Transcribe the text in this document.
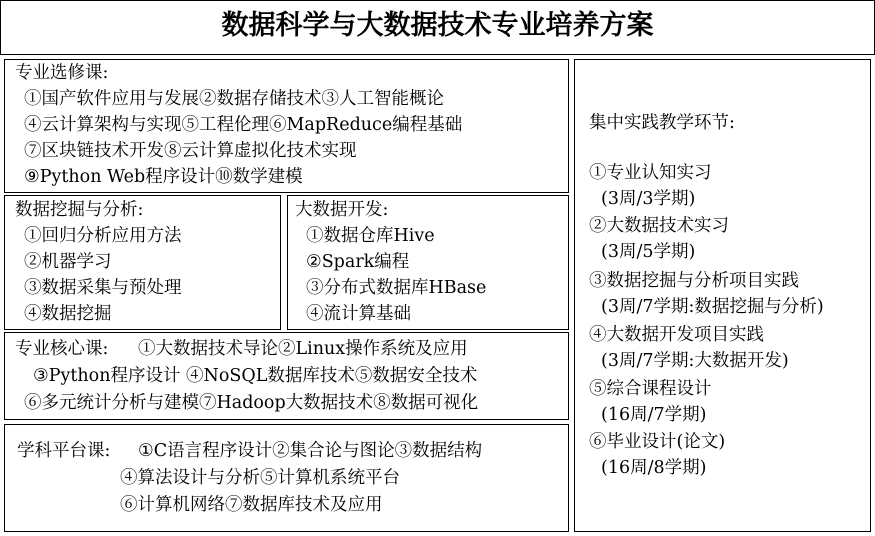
数据科学与大数据技术专业培养方案
专业选修课:
①国产软件应用与发展②数据存储技术③人工智能概论
④云计算架构与实现⑤工程伦理⑥MapReduce编程基础
⑦区块链技术开发⑧云计算虚拟化技术实现
⑨Python Web程序设计⑩数学建模
数据挖掘与分析:
①回归分析应用方法
②机器学习
③数据采集与预处理
④数据挖掘
大数据开发:
①数据仓库Hive
②Spark编程
③分布式数据库HBase
④流计算基础
专业核心课: ①大数据技术导论②Linux操作系统及应用
③Python程序设计 ④NoSQL数据库技术⑤数据安全技术
⑥多元统计分析与建模⑦Hadoop大数据技术⑧数据可视化
学科平台课: ①C语言程序设计②集合论与图论③数据结构
④算法设计与分析⑤计算机系统平台
⑥计算机网络⑦数据库技术及应用
集中实践教学环节:
①专业认知实习
(3周/3学期)
②大数据技术实习
(3周/5学期)
③数据挖掘与分析项目实践
(3周/7学期:数据挖掘与分析)
④大数据开发项目实践
(3周/7学期:大数据开发)
⑤综合课程设计
(16周/7学期)
⑥毕业设计(论文)
(16周/8学期)
